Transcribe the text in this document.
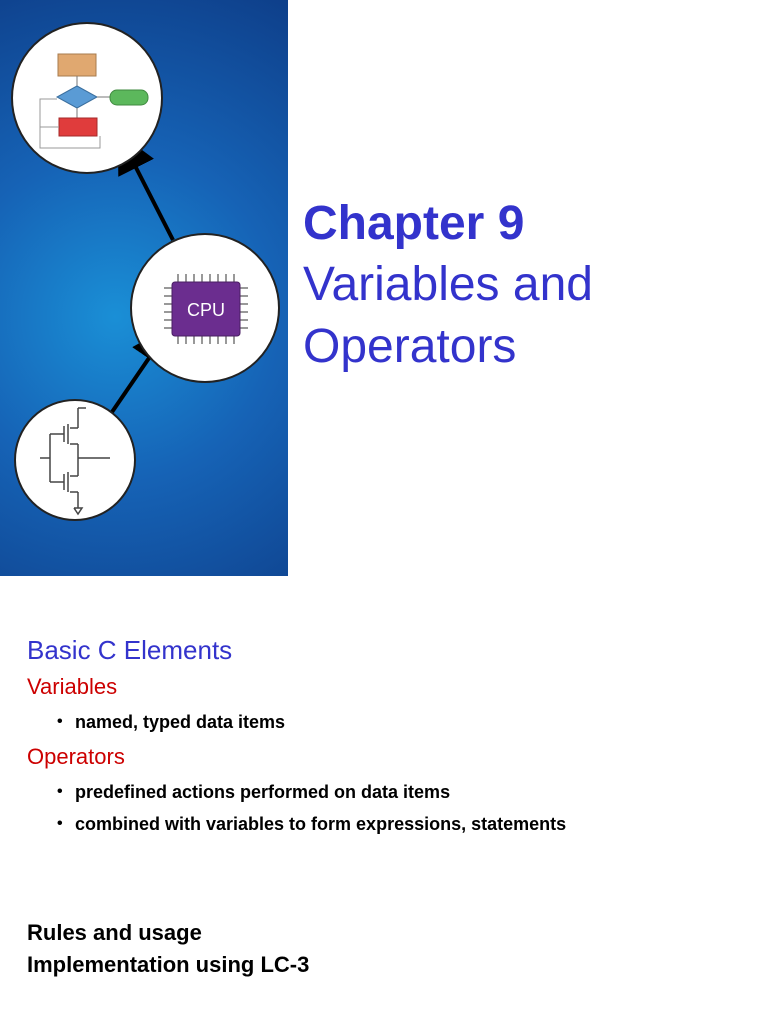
CPU

Chapter 9

Variables and

Operators

Basic C Elements

Variables

• named, typed data items

Operators

• predefined actions performed on data items
• combined with variables to form expressions, statements

Rules and usage

Implementation using LC-3
